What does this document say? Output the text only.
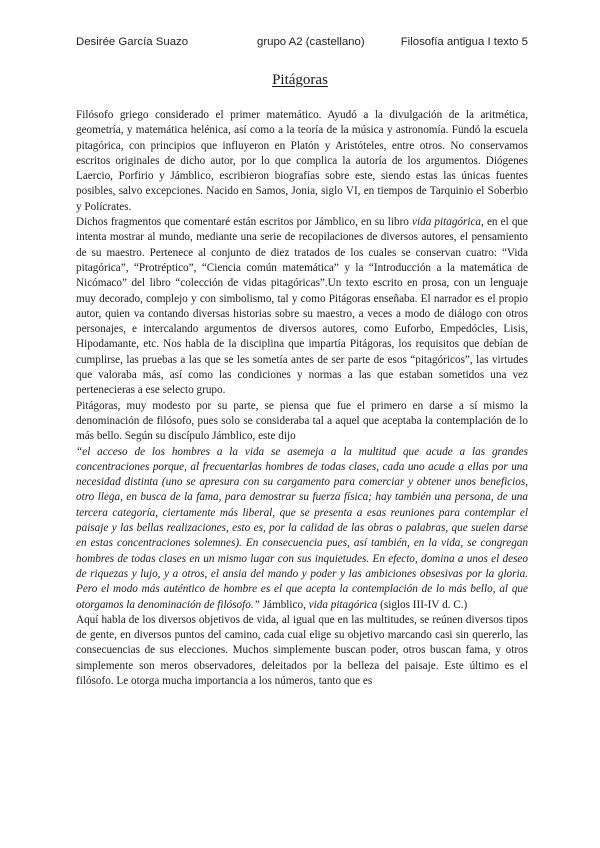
Desirée García Suazo	grupo A2 (castellano)	Filosofía antigua I texto 5
Pitágoras

Filósofo griego considerado el primer matemático. Ayudó a la divulgación de la aritmética, geometría, y matemática helénica, así como a la teoría de la música y astronomía. Fundó la escuela pitagórica, con principios que influyeron en Platón y Aristóteles, entre otros. No conservamos escritos originales de dicho autor, por lo que complica la autoría de los argumentos. Diógenes Laercio, Porfirio y Jámblico, escribieron biografías sobre este, siendo estas las únicas fuentes posibles, salvo excepciones. Nacido en Samos, Jonia, siglo VI, en tiempos de Tarquinio el Soberbio y Polícrates.

Dichos fragmentos que comentaré están escritos por Jámblico, en su libro vida pitagórica, en el que intenta mostrar al mundo, mediante una serie de recopilaciones de diversos autores, el pensamiento de su maestro. Pertenece al conjunto de diez tratados de los cuales se conservan cuatro: “Vida pitagórica”, “Protréptico”, “Ciencia común matemática” y la “Introducción a la matemática de Nicómaco” del libro “colección de vidas pitagóricas”.Un texto escrito en prosa, con un lenguaje muy decorado, complejo y con simbolismo, tal y como Pitágoras enseñaba. El narrador es el propio autor, quien va contando diversas historias sobre su maestro, a veces a modo de diálogo con otros personajes, e intercalando argumentos de diversos autores, como Euforbo, Empedócles, Lisis, Hipodamante, etc. Nos habla de la disciplina que impartía Pitágoras, los requisitos que debían de cumplirse, las pruebas a las que se les sometía antes de ser parte de esos “pitagóricos”, las virtudes que valoraba más, así como las condiciones y normas a las que estaban sometidos una vez pertenecieras a ese selecto grupo.

Pitágoras, muy modesto por su parte, se piensa que fue el primero en darse a sí mismo la denominación de filósofo, pues solo se consideraba tal a aquel que aceptaba la contemplación de lo más bello. Según su discípulo Jámblico, este dijo

“el acceso de los hombres a la vida se asemeja a la multitud que acude a las grandes concentraciones porque, al frecuentarlas hombres de todas clases, cada uno acude a ellas por una necesidad distinta (uno se apresura con su cargamento para comerciar y obtener unos beneficios, otro llega, en busca de la fama, para demostrar su fuerza física; hay también una persona, de una tercera categoría, ciertamente más liberal, que se presenta a esas reuniones para contemplar el paisaje y las bellas realizaciones, esto es, por la calidad de las obras o palabras, que suelen darse en estas concentraciones solemnes). En consecuencia pues, así también, en la vida, se congregan hombres de todas clases en un mismo lugar con sus inquietudes. En efecto, domina a unos el deseo de riquezas y lujo, y a otros, el ansia del mando y poder y las ambiciones obsesivas por la gloria. Pero el modo más auténtico de hombre es el que acepta la contemplación de lo más bello, al que otorgamos la denominación de filósofo.” Jámblico, vida pitagórica (siglos III-IV d. C.)

Aquí habla de los diversos objetivos de vida, al igual que en las multitudes, se reúnen diversos tipos de gente, en diversos puntos del camino, cada cual elige su objetivo marcando casi sin quererlo, las consecuencias de sus elecciones. Muchos simplemente buscan poder, otros buscan fama, y otros simplemente son meros observadores, deleitados por la belleza del paisaje. Este último es el filósofo. Le otorga mucha importancia a los números, tanto que es
